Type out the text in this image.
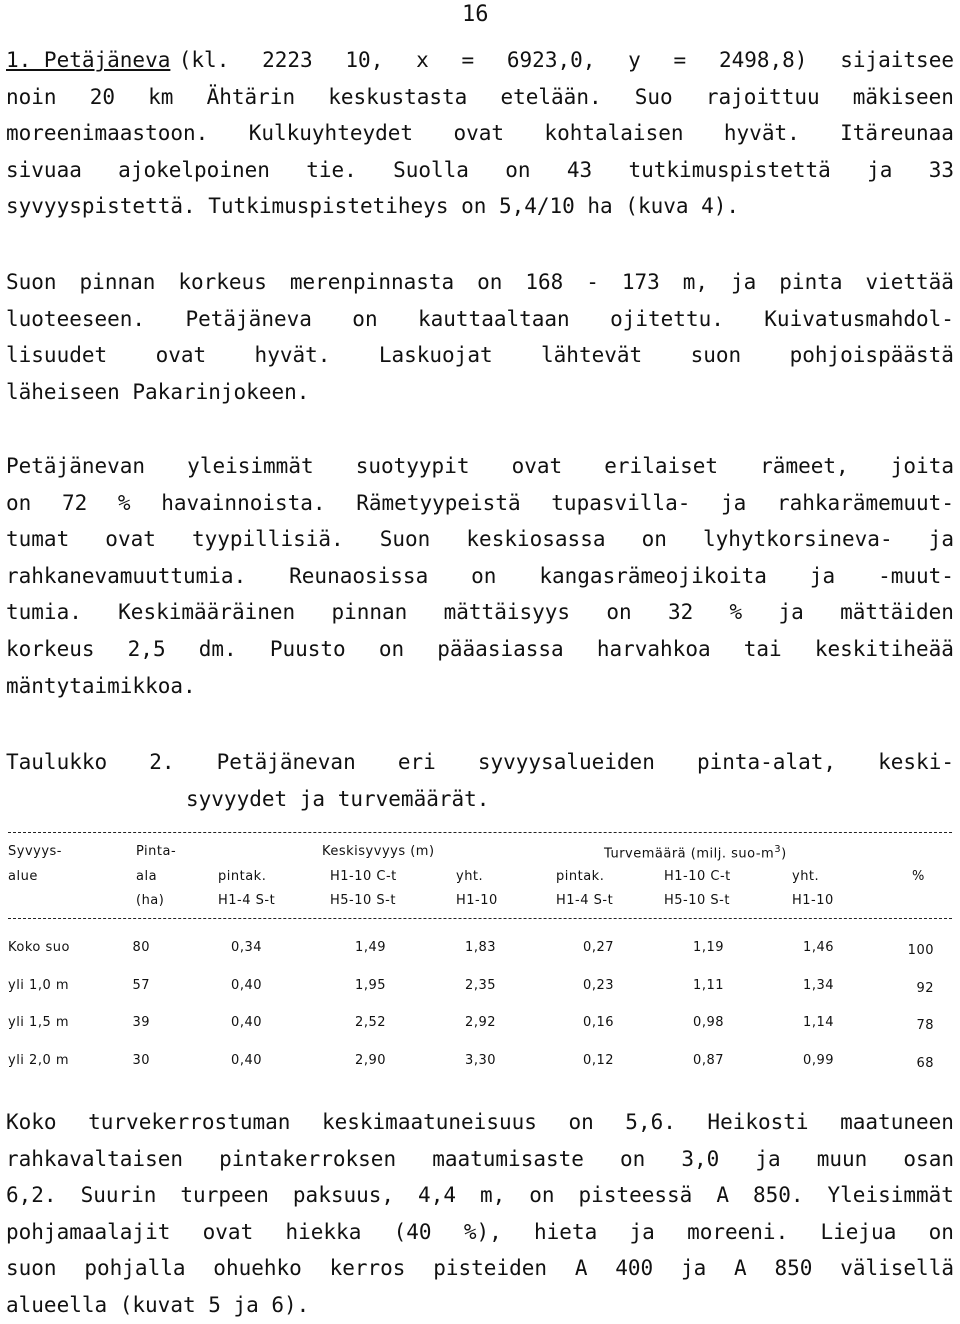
16
1. Petäjäneva (kl. 2223 10, x = 6923,0, y = 2498,8) sijaitsee
noin 20 km Ähtärin keskustasta etelään. Suo rajoittuu mäkiseen
moreenimaastoon. Kulkuyhteydet ovat kohtalaisen hyvät. Itäreunaa
sivuaa ajokelpoinen tie. Suolla on 43 tutkimuspistettä ja 33
syvyyspistettä. Tutkimuspistetiheys on 5,4/10 ha (kuva 4).
Suon pinnan korkeus merenpinnasta on 168 - 173 m, ja pinta viettää
luoteeseen. Petäjäneva on kauttaaltaan ojitettu. Kuivatusmahdol-
lisuudet ovat hyvät. Laskuojat lähtevät suon pohjoispäästä
läheiseen Pakarinjokeen.
Petäjänevan yleisimmät suotyypit ovat erilaiset rämeet, joita
on 72 % havainnoista. Rämetyypeistä tupasvilla- ja rahkarämemuut-
tumat ovat tyypillisiä. Suon keskiosassa on lyhytkorsineva- ja
rahkanevamuuttumia. Reunaosissa on kangasrämeojikoita ja -muut-
tumia. Keskimääräinen pinnan mättäisyys on 32 % ja mättäiden
korkeus 2,5 dm. Puusto on pääasiassa harvahkoa tai keskitiheää
mäntytaimikkoa.
Taulukko 2. Petäjänevan eri syvyysalueiden pinta-alat, keski-
syvyydet ja turvemäärät.
Syvyys-	Pinta-	Keskisyvyys (m)	Turvemäärä (milj. suo-$m^3$)
alue	ala	pintak.	H1-10 C-t	yht.	pintak.	H1-10 C-t	yht.	%
(ha)	H1-4 S-t	H5-10 S-t	H1-10	H1-4 S-t	H5-10 S-t	H1-10
Koko suo	80	0,34	1,49	1,83	0,27	1,19	1,46	100
yli 1,0 m	57	0,40	1,95	2,35	0,23	1,11	1,34	92
yli 1,5 m	39	0,40	2,52	2,92	0,16	0,98	1,14	78
yli 2,0 m	30	0,40	2,90	3,30	0,12	0,87	0,99	68
Koko turvekerrostuman keskimaatuneisuus on 5,6. Heikosti maatuneen
rahkavaltaisen pintakerroksen maatumisaste on 3,0 ja muun osan
6,2. Suurin turpeen paksuus, 4,4 m, on pisteessä A 850. Yleisimmät
pohjamaalajit ovat hiekka (40 %), hieta ja moreeni. Liejua on
suon pohjalla ohuehko kerros pisteiden A 400 ja A 850 välisellä
alueella (kuvat 5 ja 6).
